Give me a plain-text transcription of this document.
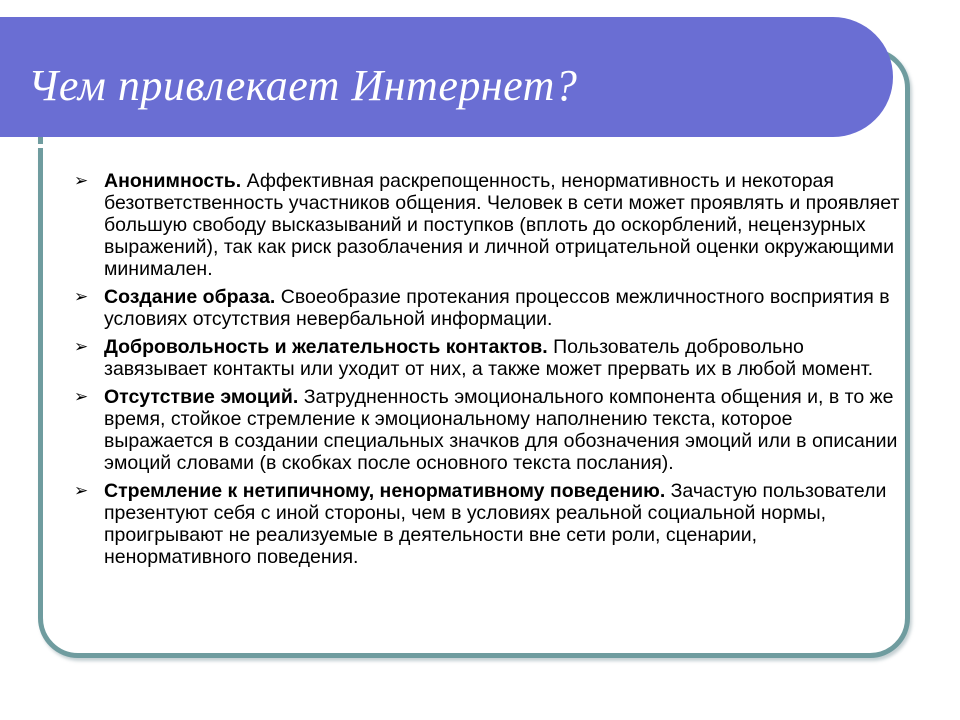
Чем привлекает Интернет?
➢ Анонимность. Аффективная раскрепощенность, ненормативность и некоторая безответственность участников общения. Человек в сети может проявлять и проявляет большую свободу высказываний и поступков (вплоть до оскорблений, нецензурных выражений), так как риск разоблачения и личной отрицательной оценки окружающими минимален.
➢ Создание образа. Своеобразие протекания процессов межличностного восприятия в условиях отсутствия невербальной информации.
➢ Добровольность и желательность контактов. Пользователь добровольно завязывает контакты или уходит от них, а также может прервать их в любой момент.
➢ Отсутствие эмоций. Затрудненность эмоционального компонента общения и, в то же время, стойкое стремление к эмоциональному наполнению текста, которое выражается в создании специальных значков для обозначения эмоций или в описании эмоций словами (в скобках после основного текста послания).
➢ Стремление к нетипичному, ненормативному поведению. Зачастую пользователи презентуют себя с иной стороны, чем в условиях реальной социальной нормы, проигрывают не реализуемые в деятельности вне сети роли, сценарии, ненормативного поведения.
